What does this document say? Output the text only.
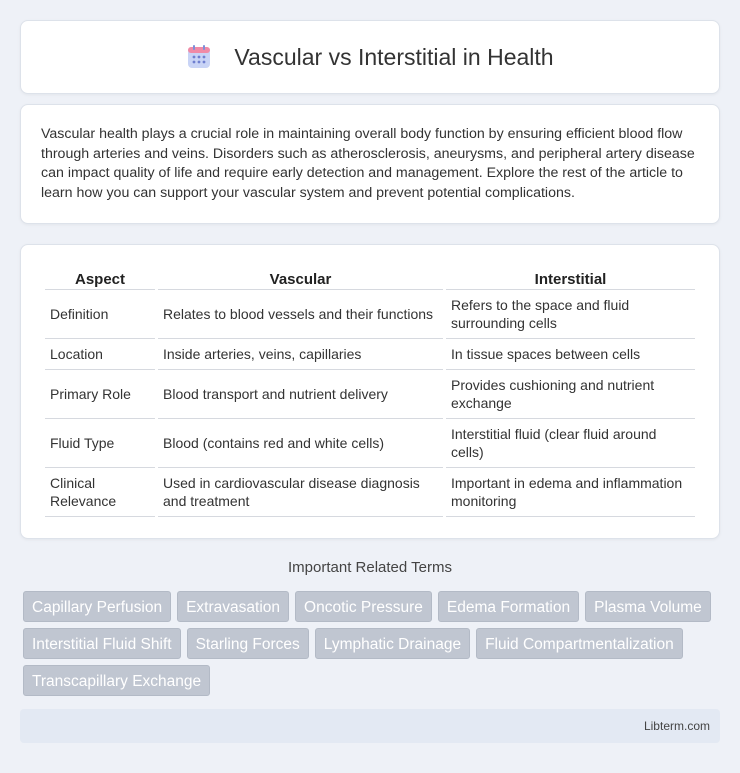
Vascular vs Interstitial in Health

Vascular health plays a crucial role in maintaining overall body function by ensuring efficient blood flow through arteries and veins. Disorders such as atherosclerosis, aneurysms, and peripheral artery disease can impact quality of life and require early detection and management. Explore the rest of the article to learn how you can support your vascular system and prevent potential complications.

Aspect	Vascular	Interstitial
Definition	Relates to blood vessels and their functions	Refers to the space and fluid surrounding cells
Location	Inside arteries, veins, capillaries	In tissue spaces between cells
Primary Role	Blood transport and nutrient delivery	Provides cushioning and nutrient exchange
Fluid Type	Blood (contains red and white cells)	Interstitial fluid (clear fluid around cells)
Clinical Relevance	Used in cardiovascular disease diagnosis and treatment	Important in edema and inflammation monitoring
Important Related Terms
Capillary Perfusion	Extravasation	Oncotic Pressure	Edema Formation	Plasma Volume
Interstitial Fluid Shift	Starling Forces	Lymphatic Drainage	Fluid Compartmentalization
Transcapillary Exchange
Libterm.com
